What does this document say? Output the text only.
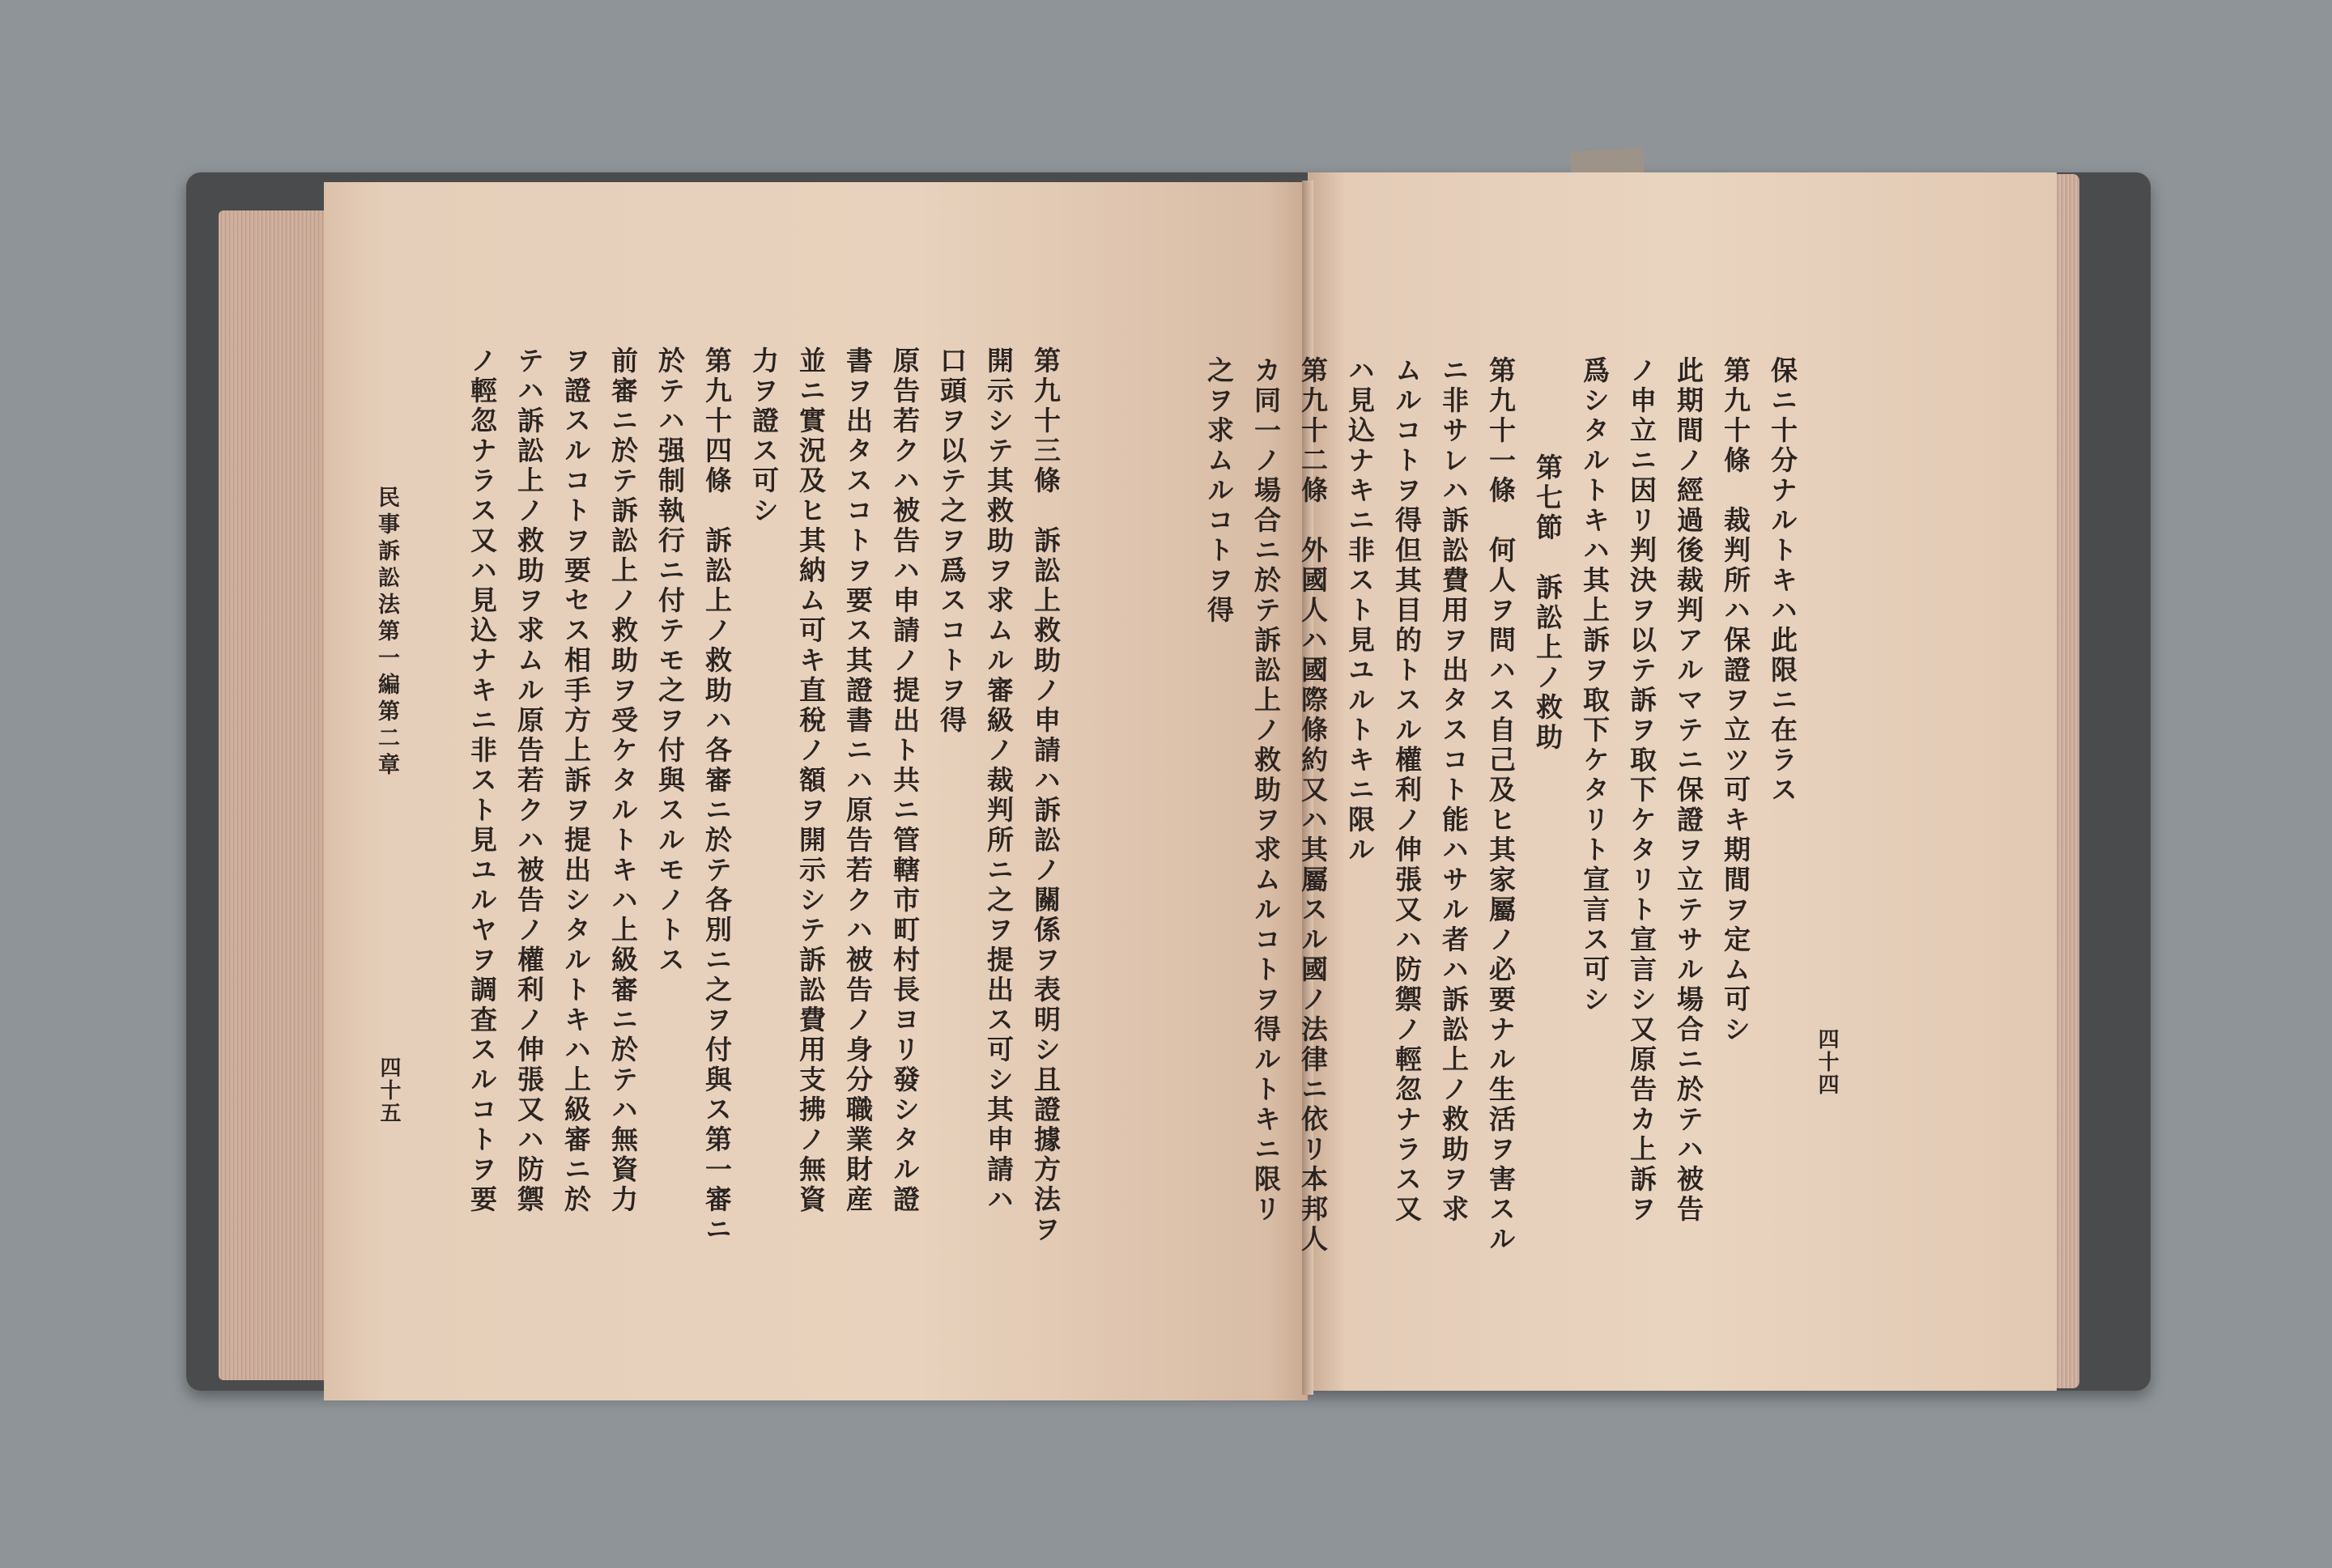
民事訴訟法第一編第二章
四十五	四十四
第九十三條　訴訟上救助ノ申請ハ訴訟ノ關係ヲ表明シ且證據方法ヲ
開示シテ其救助ヲ求ムル審級ノ裁判所ニ之ヲ提出ス可シ其申請ハ
口頭ヲ以テ之ヲ爲スコトヲ得
原告若クハ被告ハ申請ノ提出ト共ニ管轄市町村長ヨリ發シタル證
書ヲ出タスコトヲ要ス其證書ニハ原告若クハ被告ノ身分職業財産
並ニ實況及ヒ其納ム可キ直稅ノ額ヲ開示シテ訴訟費用支拂ノ無資
力ヲ證ス可シ
第九十四條　訴訟上ノ救助ハ各審ニ於テ各別ニ之ヲ付與ス第一審ニ
於テハ强制執行ニ付テモ之ヲ付與スルモノトス
前審ニ於テ訴訟上ノ救助ヲ受ケタルトキハ上級審ニ於テハ無資力
ヲ證スルコトヲ要セス相手方上訴ヲ提出シタルトキハ上級審ニ於
テハ訴訟上ノ救助ヲ求ムル原告若クハ被告ノ權利ノ伸張又ハ防禦
ノ輕忽ナラス又ハ見込ナキニ非スト見ユルヤヲ調査スルコトヲ要	保ニ十分ナルトキハ此限ニ在ラス
第九十條　裁判所ハ保證ヲ立ツ可キ期間ヲ定ム可シ
此期間ノ經過後裁判アルマテニ保證ヲ立テサル場合ニ於テハ被告
ノ申立ニ因リ判決ヲ以テ訴ヲ取下ケタリト宣言シ又原告カ上訴ヲ
爲シタルトキハ其上訴ヲ取下ケタリト宣言ス可シ
第七節　訴訟上ノ救助
第九十一條　何人ヲ問ハス自己及ヒ其家屬ノ必要ナル生活ヲ害スル
ニ非サレハ訴訟費用ヲ出タスコト能ハサル者ハ訴訟上ノ救助ヲ求
ムルコトヲ得但其目的トスル權利ノ伸張又ハ防禦ノ輕忽ナラス又
ハ見込ナキニ非スト見ユルトキニ限ル
第九十二條　外國人ハ國際條約又ハ其屬スル國ノ法律ニ依リ本邦人
カ同一ノ場合ニ於テ訴訟上ノ救助ヲ求ムルコトヲ得ルトキニ限リ
之ヲ求ムルコトヲ得
